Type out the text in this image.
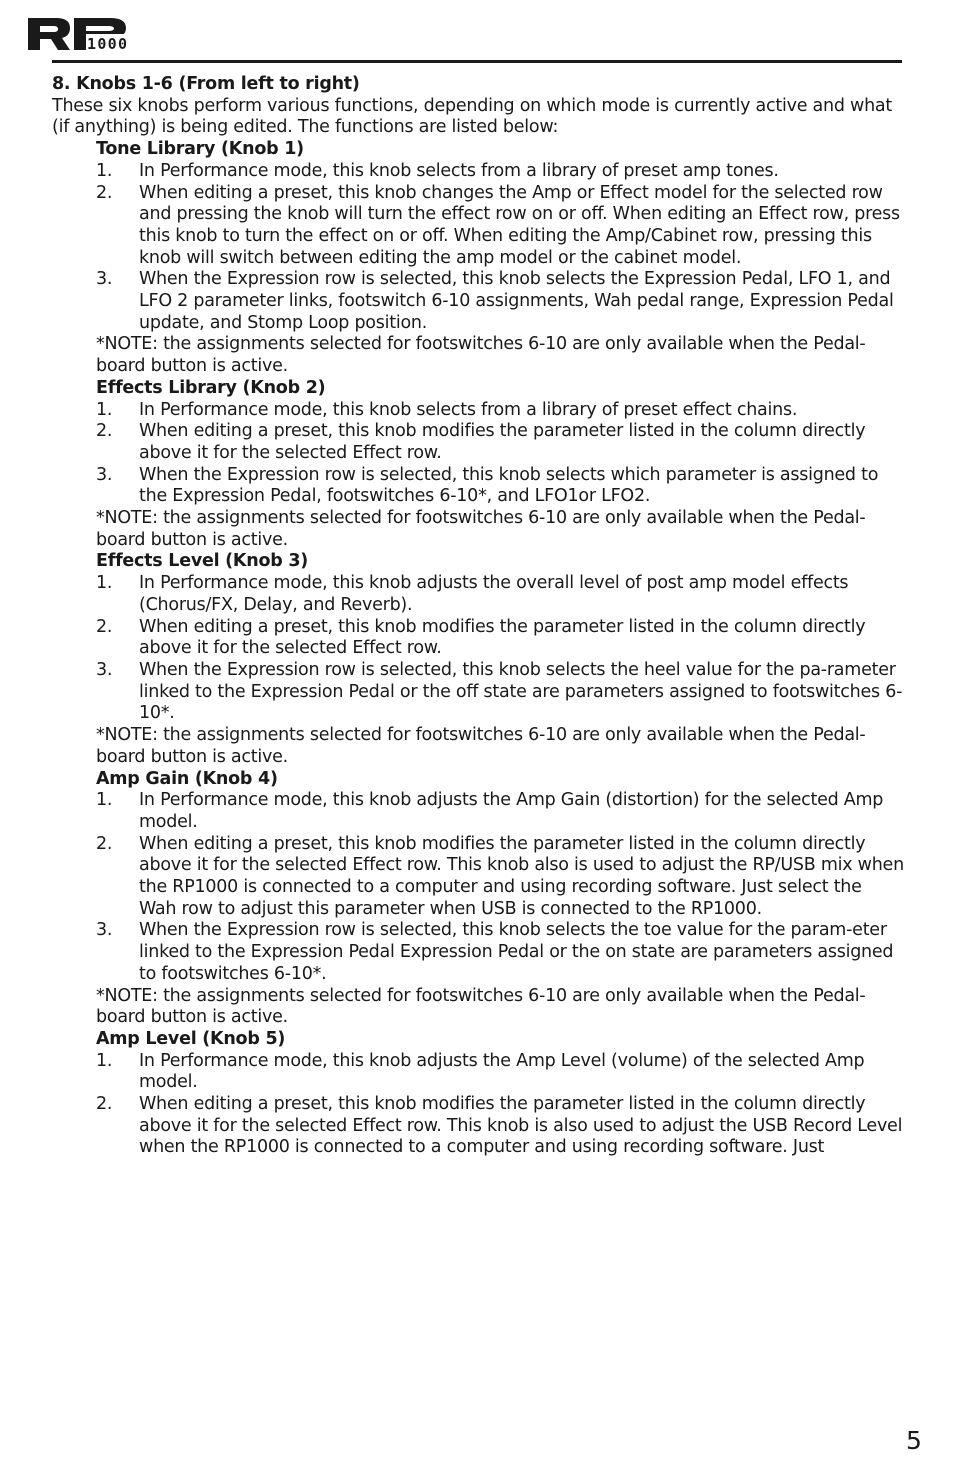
1000

8. Knobs 1-6 (From left to right)

These six knobs perform various functions, depending on which mode is currently active and what (if anything) is being edited. The functions are listed below:

Tone Library (Knob 1)

1. In Performance mode, this knob selects from a library of preset amp tones.
2. When editing a preset, this knob changes the Amp or Effect model for the selected row and pressing the knob will turn the effect row on or off. When editing an Effect row, press this knob to turn the effect on or off. When editing the Amp/Cabinet row, pressing this knob will switch between editing the amp model or the cabinet model.
3. When the Expression row is selected, this knob selects the Expression Pedal, LFO 1, and LFO 2 parameter links, footswitch 6-10 assignments, Wah pedal range, Expression Pedal update, and Stomp Loop position.

*NOTE: the assignments selected for footswitches 6-10 are only available when the Pedal-board button is active.

Effects Library (Knob 2)

1. In Performance mode, this knob selects from a library of preset effect chains.
2. When editing a preset, this knob modifies the parameter listed in the column directly above it for the selected Effect row.
3. When the Expression row is selected, this knob selects which parameter is assigned to the Expression Pedal, footswitches 6-10*, and LFO1or LFO2.

*NOTE: the assignments selected for footswitches 6-10 are only available when the Pedal-board button is active.

Effects Level (Knob 3)

1. In Performance mode, this knob adjusts the overall level of post amp model effects (Chorus/FX, Delay, and Reverb).
2. When editing a preset, this knob modifies the parameter listed in the column directly above it for the selected Effect row.
3. When the Expression row is selected, this knob selects the heel value for the pa-rameter linked to the Expression Pedal or the off state are parameters assigned to footswitches 6-10*.

*NOTE: the assignments selected for footswitches 6-10 are only available when the Pedal-board button is active.

Amp Gain (Knob 4)

1. In Performance mode, this knob adjusts the Amp Gain (distortion) for the selected Amp model.
2. When editing a preset, this knob modifies the parameter listed in the column directly above it for the selected Effect row. This knob also is used to adjust the RP/USB mix when the RP1000 is connected to a computer and using recording software. Just select the Wah row to adjust this parameter when USB is connected to the RP1000.
3. When the Expression row is selected, this knob selects the toe value for the param-eter linked to the Expression Pedal Expression Pedal or the on state are parameters assigned to footswitches 6-10*.

*NOTE: the assignments selected for footswitches 6-10 are only available when the Pedal-board button is active.

Amp Level (Knob 5)

1. In Performance mode, this knob adjusts the Amp Level (volume) of the selected Amp model.
2. When editing a preset, this knob modifies the parameter listed in the column directly above it for the selected Effect row. This knob is also used to adjust the USB Record Level when the RP1000 is connected to a computer and using recording software. Just
5
